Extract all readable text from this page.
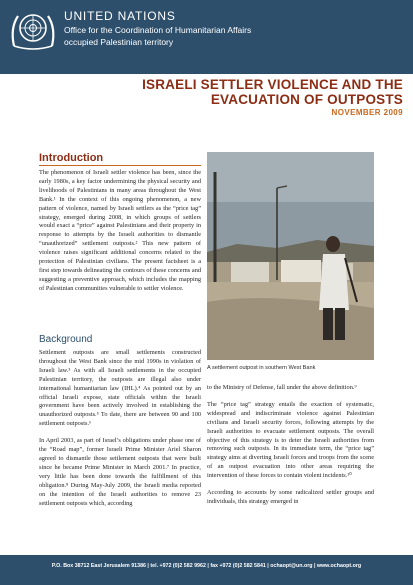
UNITED NATIONS
Office for the Coordination of Humanitarian Affairs
occupied Palestinian territory
ISRAELI SETTLER VIOLENCE AND THE
EVACUATION OF OUTPOSTS
NOVEMBER 2009
Introduction

The phenomenon of Israeli settler violence has been, since the early 1980s, a key factor undermining the physical security and livelihoods of Palestinians in many areas throughout the West Bank.¹ In the context of this ongoing phenomenon, a new pattern of violence, named by Israeli settlers as the “price tag” strategy, emerged during 2008, in which groups of settlers would exact a “price” against Palestinians and their property in response to attempts by the Israeli authorities to dismantle “unauthorized” settlement outposts.² This new pattern of violence raises significant additional concerns related to the protection of Palestinian civilians. The present factsheet is a first step towards delineating the contours of these concerns and suggesting a preventive approach, which includes the mapping of Palestinian communities vulnerable to settler violence.

A settlement outpost in southern West Bank
Background

Settlement outposts are small settlements constructed throughout the West Bank since the mid 1990s in violation of Israeli law.³ As with all Israeli settlements in the occupied Palestinian territory, the outposts are illegal also under international humanitarian law (IHL).⁴ As pointed out by an official Israeli expose, state officials within the Israeli government have been actively involved in establishing the unauthorized outposts.⁵ To date, there are between 90 and 100 settlement outposts.⁶

In April 2003, as part of Israel’s obligations under phase one of the “Road map”, former Israeli Prime Minister Ariel Sharon agreed to dismantle those settlement outposts that were built since he became Prime Minister in March 2001.⁷ In practice, very little has been done towards the fulfillment of this obligation.⁸ During May-July 2009, the Israeli media reported on the intention of the Israeli authorities to remove 23 settlement outposts which, according

to the Ministry of Defense, fall under the above definition.⁹

The “price tag” strategy entails the exaction of systematic, widespread and indiscriminate violence against Palestinian civilians and Israeli security forces, following attempts by the Israeli authorities to evacuate settlement outposts. The overall objective of this strategy is to deter the Israeli authorities from removing such outposts. In its immediate term, the “price tag” strategy aims at diverting Israeli forces and troops from the scene of an outpost evacuation into other areas requiring the intervention of these forces to contain violent incidents.¹⁰

According to accounts by some radicalized settler groups and individuals, this strategy emerged in

P.O. Box 38712 East Jerusalem 91386 | tel. +972 (0)2 582 9962 | fax +972 (0)2 582 5841 | ochaopt@un.org | www.ochaopt.org
